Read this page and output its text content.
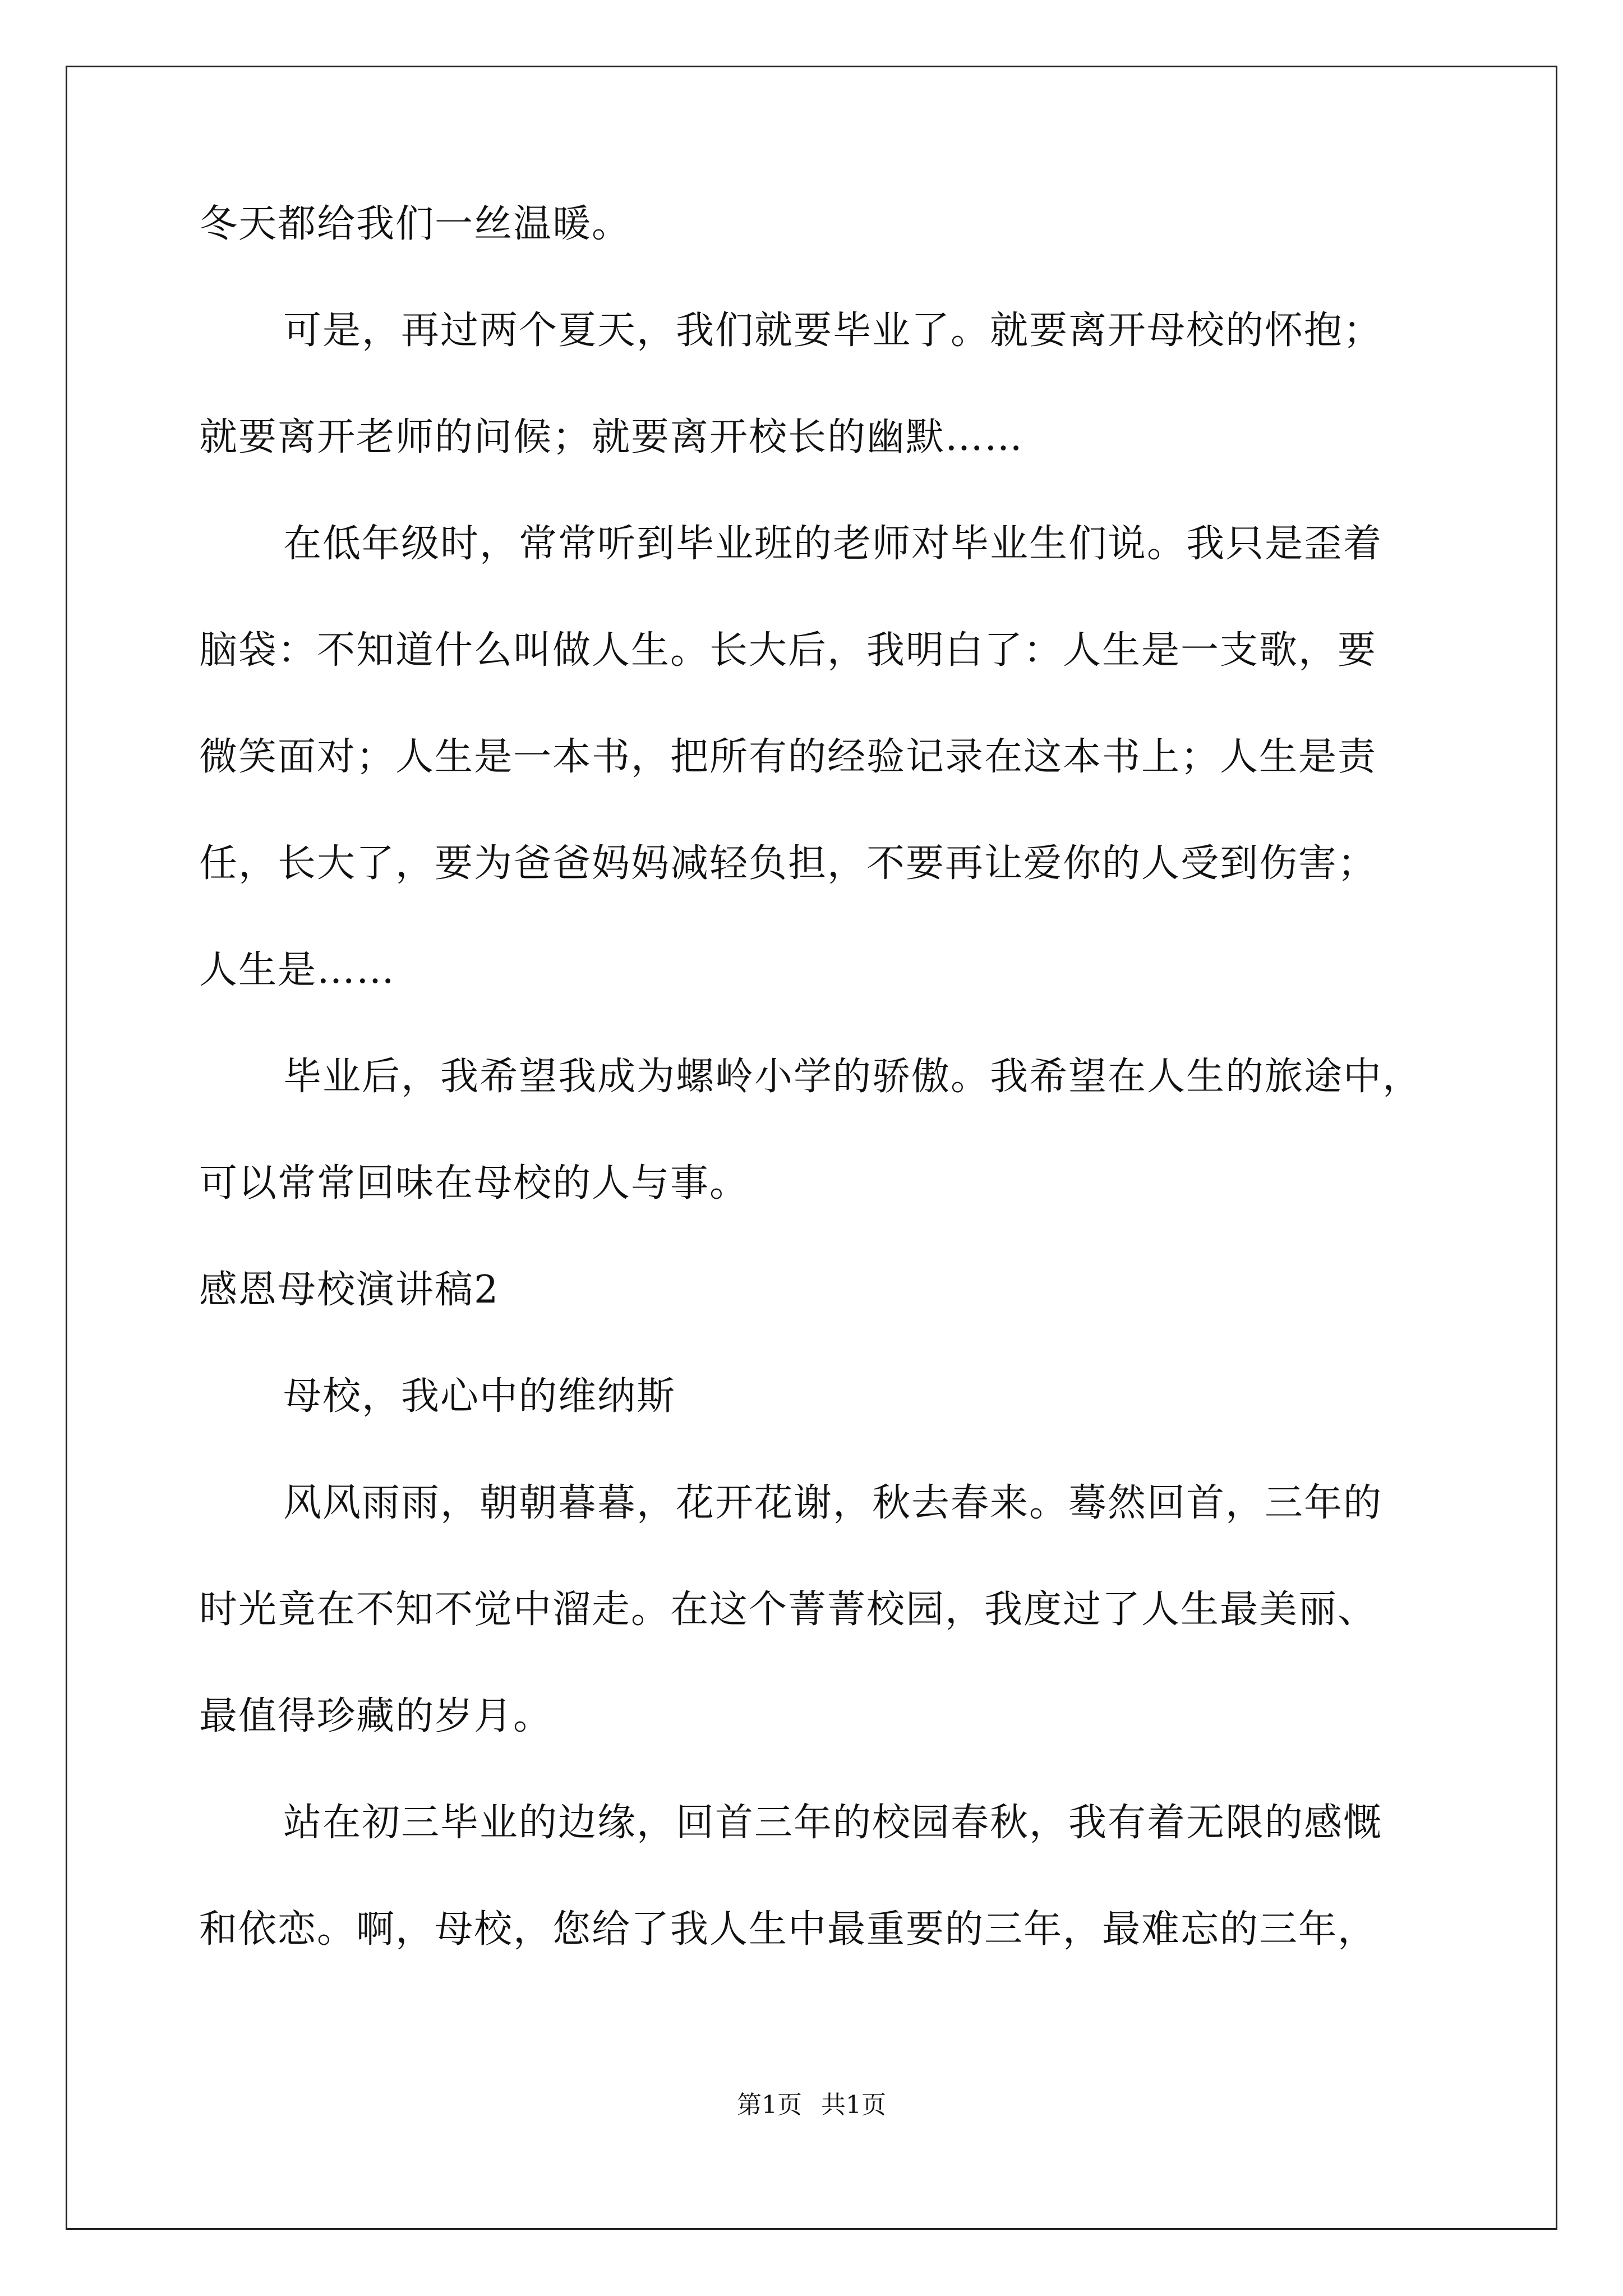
冬天都给我们一丝温暖。
可是，再过两个夏天，我们就要毕业了。就要离开母校的怀抱；
就要离开老师的问候；就要离开校长的幽默……
在低年级时，常常听到毕业班的老师对毕业生们说。我只是歪着
脑袋：不知道什么叫做人生。长大后，我明白了：人生是一支歌，要
微笑面对；人生是一本书，把所有的经验记录在这本书上；人生是责
任，长大了，要为爸爸妈妈减轻负担，不要再让爱你的人受到伤害；
人生是……
毕业后，我希望我成为螺岭小学的骄傲。我希望在人生的旅途中，
可以常常回味在母校的人与事。
感恩母校演讲稿2
母校，我心中的维纳斯
风风雨雨，朝朝暮暮，花开花谢，秋去春来。蓦然回首，三年的
时光竟在不知不觉中溜走。在这个菁菁校园，我度过了人生最美丽、
最值得珍藏的岁月。
站在初三毕业的边缘，回首三年的校园春秋，我有着无限的感慨
和依恋。啊，母校，您给了我人生中最重要的三年，最难忘的三年，
第1页 共1页
